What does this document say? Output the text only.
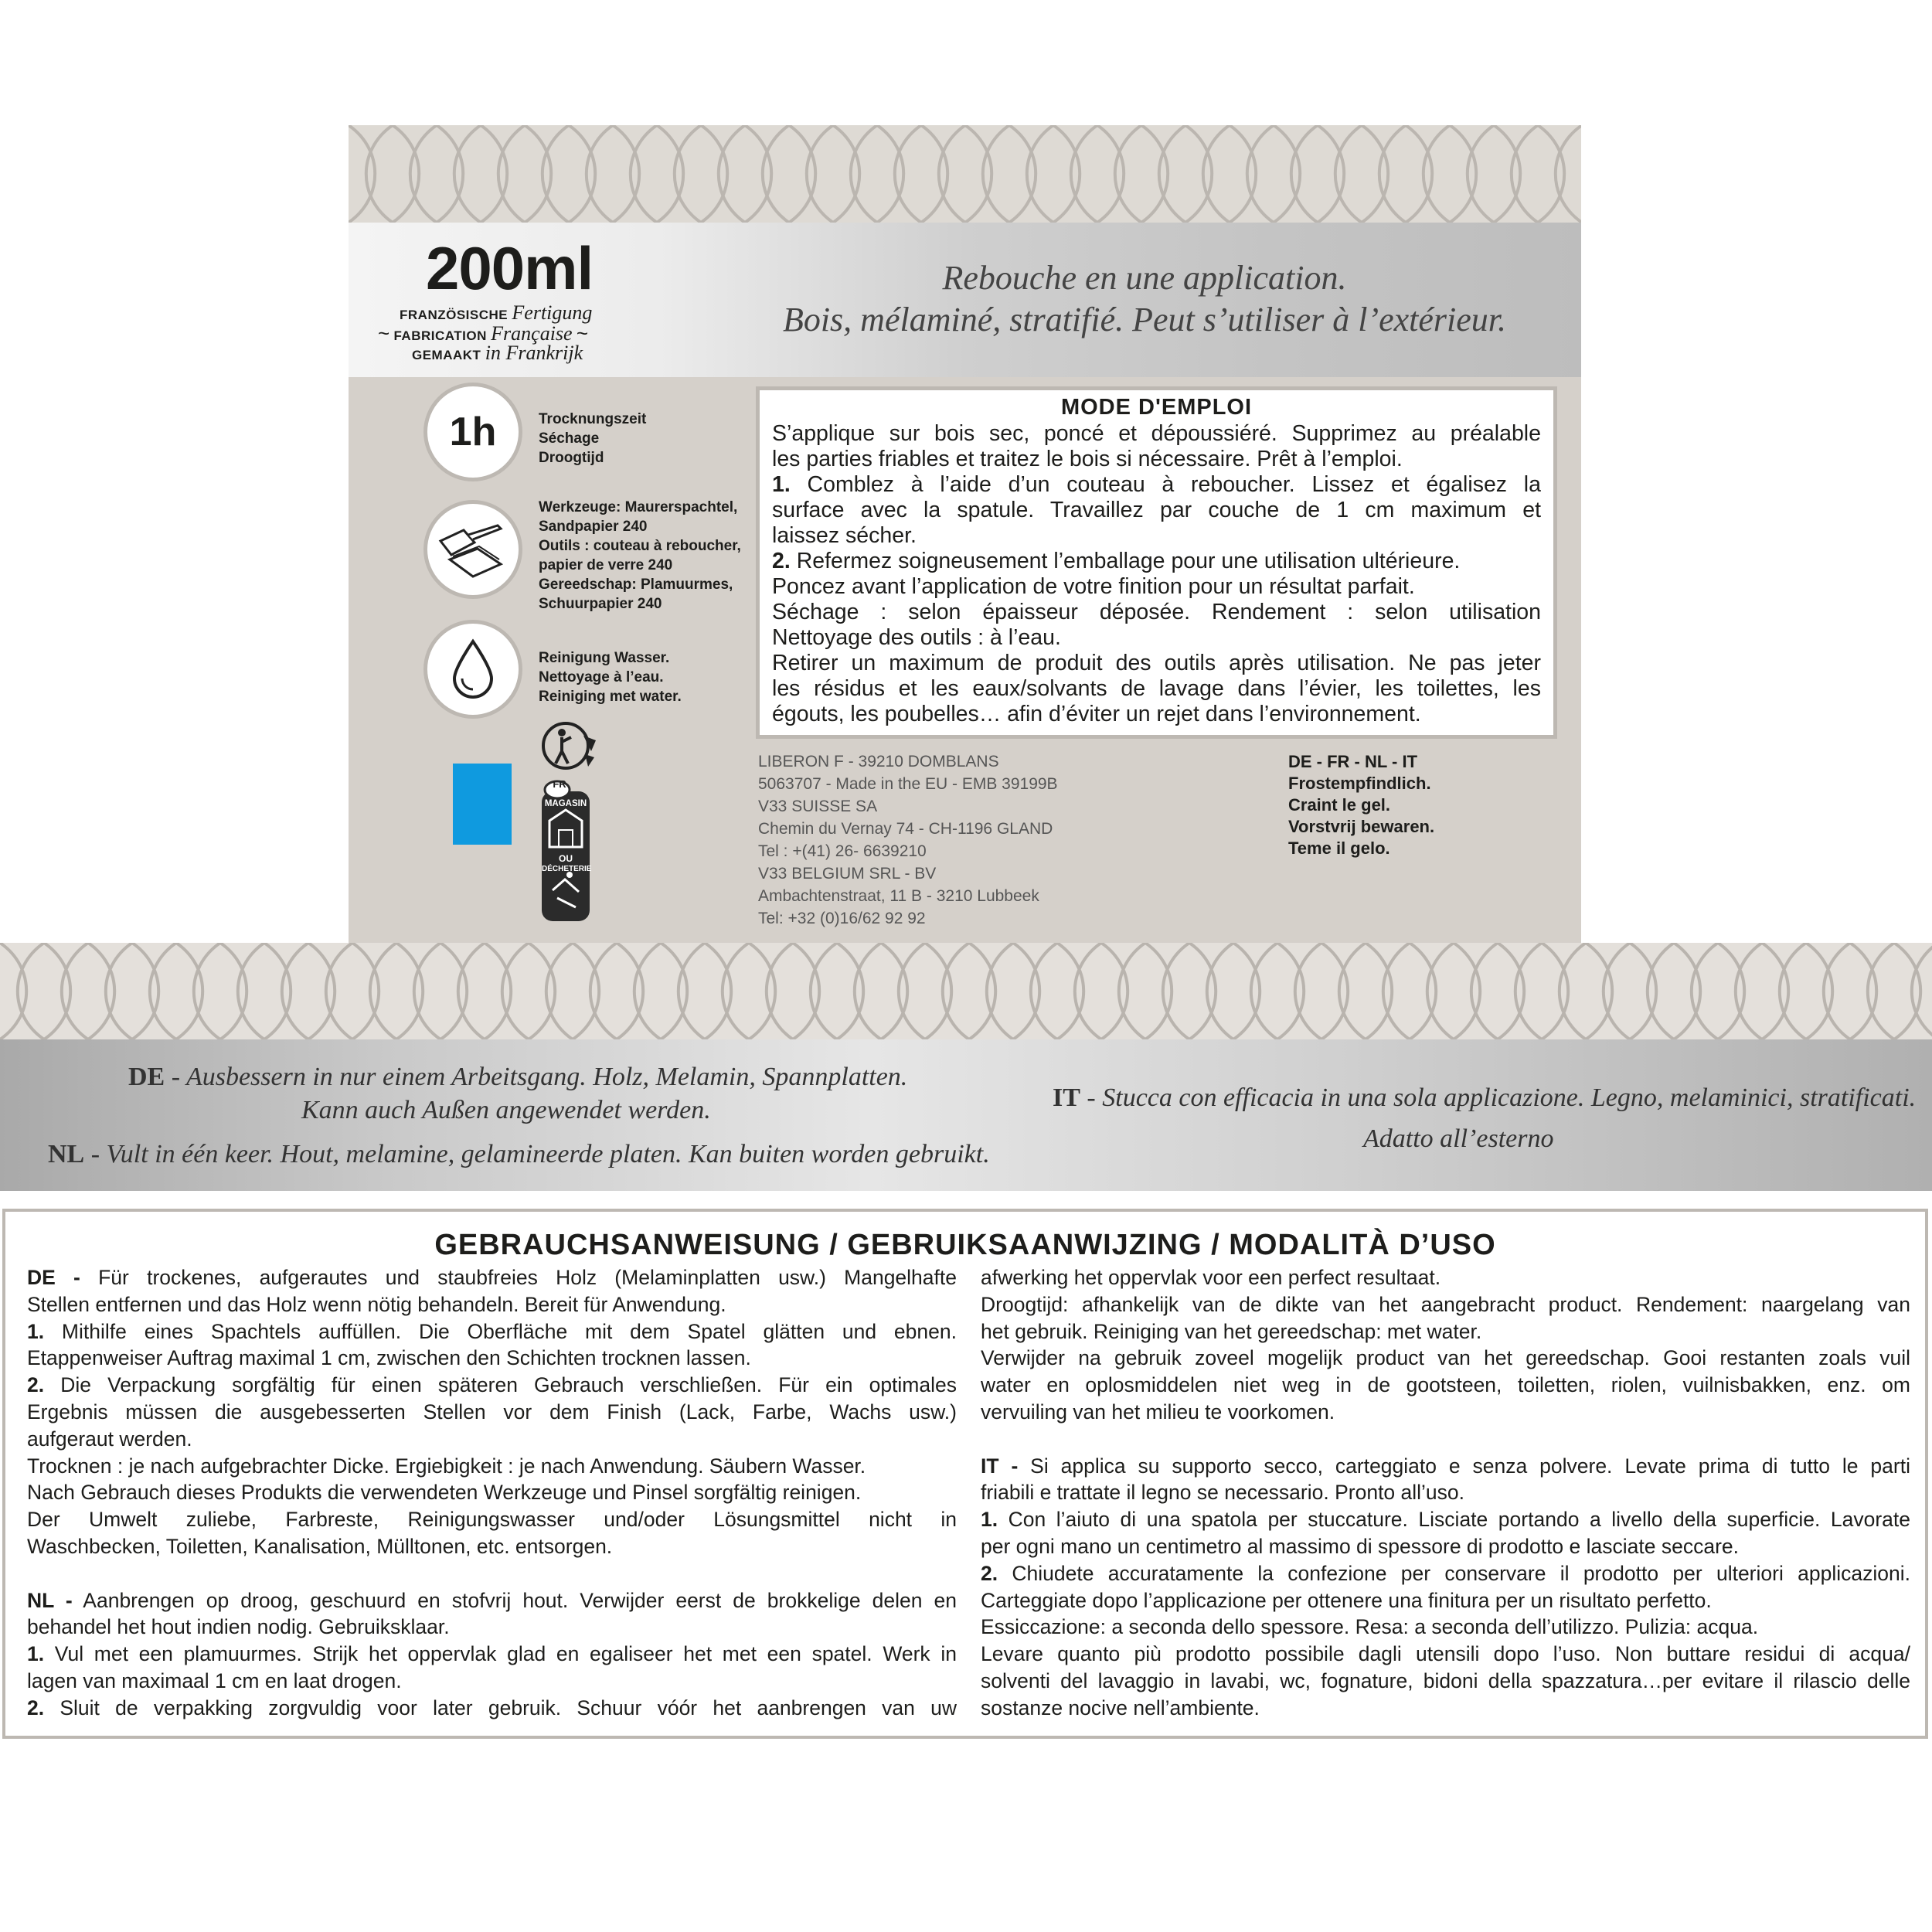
200ml
FRANZÖSISCHE Fertigung
~ FABRICATION Française ~
GEMAAKT in Frankrijk
Rebouche en une application.
Bois, mélaminé, stratifié. Peut s’utiliser à l’extérieur.
1h	Trocknungszeit
Séchage
Droogtijd
Werkzeuge: Maurerspachtel,
Sandpapier 240
Outils : couteau à reboucher,
papier de verre 240
Gereedschap: Plamuurmes,
Schuurpapier 240
Reinigung Wasser.
Nettoyage à l’eau.
Reiniging met water.
MODE D'EMPLOI
S’applique sur bois sec, poncé et dépoussiéré. Supprimez au préalable
les parties friables et traitez le bois si nécessaire. Prêt à l’emploi.
1. Comblez à l’aide d’un couteau à reboucher. Lissez et égalisez la
surface avec la spatule. Travaillez par couche de 1 cm maximum et
laissez sécher.
2. Refermez soigneusement l’emballage pour une utilisation ultérieure.
Poncez avant l’application de votre finition pour un résultat parfait.
Séchage : selon épaisseur déposée. Rendement : selon utilisation
Nettoyage des outils : à l’eau.
Retirer un maximum de produit des outils après utilisation. Ne pas jeter
les résidus et les eaux/solvants de lavage dans l’évier, les toilettes, les
égouts, les poubelles… afin d’éviter un rejet dans l’environnement.
FR
MAGASIN
OU
DÉCHETERIE
LIBERON F - 39210 DOMBLANS
5063707 - Made in the EU - EMB 39199B
V33 SUISSE SA
Chemin du Vernay 74 - CH-1196 GLAND
Tel : +(41) 26- 6639210
V33 BELGIUM SRL - BV
Ambachtenstraat, 11 B - 3210 Lubbeek
Tel: +32 (0)16/62 92 92
DE - FR - NL - IT
Frostempfindlich.
Craint le gel.
Vorstvrij bewaren.
Teme il gelo.
DE - Ausbessern in nur einem Arbeitsgang. Holz, Melamin, Spannplatten.
Kann auch Außen angewendet werden.
NL - Vult in één keer. Hout, melamine, gelamineerde platen. Kan buiten worden gebruikt.
IT - Stucca con efficacia in una sola applicazione. Legno, melaminici, stratificati.
Adatto all’esterno
GEBRAUCHSANWEISUNG / GEBRUIKSAANWIJZING / MODALITÀ D’USO
DE - Für trockenes, aufgerautes und staubfreies Holz (Melaminplatten usw.) Mangelhafte
Stellen entfernen und das Holz wenn nötig behandeln. Bereit für Anwendung.
1. Mithilfe eines Spachtels auffüllen. Die Oberfläche mit dem Spatel glätten und ebnen.
Etappenweiser Auftrag maximal 1 cm, zwischen den Schichten trocknen lassen.
2. Die Verpackung sorgfältig für einen späteren Gebrauch verschließen. Für ein optimales
Ergebnis müssen die ausgebesserten Stellen vor dem Finish (Lack, Farbe, Wachs usw.)
aufgeraut werden.
Trocknen : je nach aufgebrachter Dicke. Ergiebigkeit : je nach Anwendung. Säubern Wasser.
Nach Gebrauch dieses Produkts die verwendeten Werkzeuge und Pinsel sorgfältig reinigen.
Der Umwelt zuliebe, Farbreste, Reinigungswasser und/oder Lösungsmittel nicht in
Waschbecken, Toiletten, Kanalisation, Mülltonen, etc. entsorgen.

NL - Aanbrengen op droog, geschuurd en stofvrij hout. Verwijder eerst de brokkelige delen en
behandel het hout indien nodig. Gebruiksklaar.
1. Vul met een plamuurmes. Strijk het oppervlak glad en egaliseer het met een spatel. Werk in
lagen van maximaal 1 cm en laat drogen.
2. Sluit de verpakking zorgvuldig voor later gebruik. Schuur vóór het aanbrengen van uw
afwerking het oppervlak voor een perfect resultaat.
Droogtijd: afhankelijk van de dikte van het aangebracht product. Rendement: naargelang van
het gebruik. Reiniging van het gereedschap: met water.
Verwijder na gebruik zoveel mogelijk product van het gereedschap. Gooi restanten zoals vuil
water en oplosmiddelen niet weg in de gootsteen, toiletten, riolen, vuilnisbakken, enz. om
vervuiling van het milieu te voorkomen.

IT - Si applica su supporto secco, carteggiato e senza polvere. Levate prima di tutto le parti
friabili e trattate il legno se necessario. Pronto all’uso.
1. Con l’aiuto di una spatola per stuccature. Lisciate portando a livello della superficie. Lavorate
per ogni mano un centimetro al massimo di spessore di prodotto e lasciate seccare.
2. Chiudete accuratamente la confezione per conservare il prodotto per ulteriori applicazioni.
Carteggiate dopo l’applicazione per ottenere una finitura per un risultato perfetto.
Essiccazione: a seconda dello spessore. Resa: a seconda dell’utilizzo. Pulizia: acqua.
Levare quanto più prodotto possibile dagli utensili dopo l’uso. Non buttare residui di acqua/
solventi del lavaggio in lavabi, wc, fognature, bidoni della spazzatura…per evitare il rilascio delle
sostanze nocive nell’ambiente.
